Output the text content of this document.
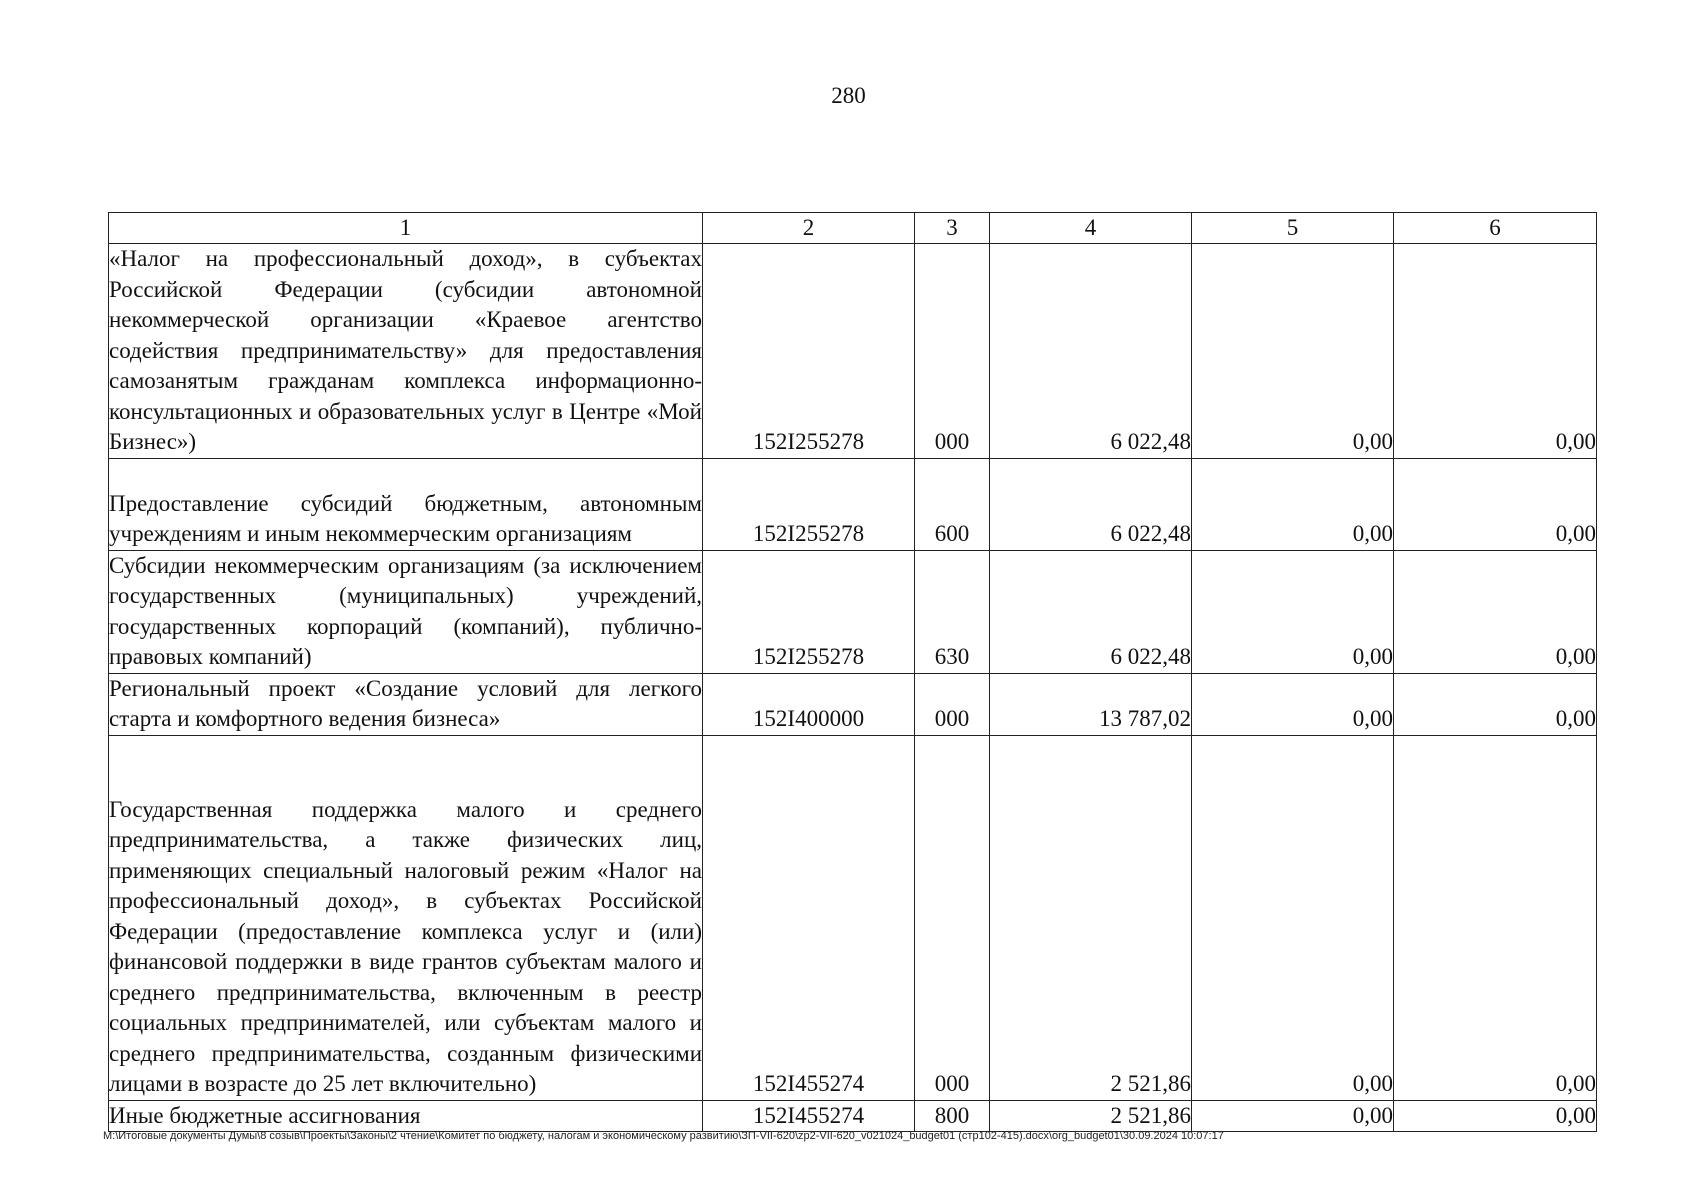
280
1	2	3	4	5	6
«Налог на профессиональный доход», в субъектах Российской Федерации (субсидии автономной некоммерческой организации «Краевое агентство содействия предпринимательству» для предоставления самозанятым гражданам комплекса информационно-консультационных и образовательных услуг в Центре «Мой Бизнес»)	152I255278	000	6 022,48	0,00	0,00
Предоставление субсидий бюджетным, автономным учреждениям и иным некоммерческим организациям	152I255278	600	6 022,48	0,00	0,00
Субсидии некоммерческим организациям (за исключением государственных (муниципальных) учреждений, государственных корпораций (компаний), публично-правовых компаний)	152I255278	630	6 022,48	0,00	0,00
Региональный проект «Создание условий для легкого старта и комфортного ведения бизнеса»	152I400000	000	13 787,02	0,00	0,00
Государственная поддержка малого и среднего предпринимательства, а также физических лиц, применяющих специальный налоговый режим «Налог на профессиональный доход», в субъектах Российской Федерации (предоставление комплекса услуг и (или) финансовой поддержки в виде грантов субъектам малого и среднего предпринимательства, включенным в реестр социальных предпринимателей, или субъектам малого и среднего предпринимательства, созданным физическими лицами в возрасте до 25 лет включительно)	152I455274	000	2 521,86	0,00	0,00
Иные бюджетные ассигнования	152I455274	800	2 521,86	0,00	0,00
M:\Итоговые документы Думы\8 созыв\Проекты\Законы\2 чтение\Комитет по бюджету, налогам и экономическому развитию\ЗП-VII-620\zp2-VII-620_v021024_budget01 (стр102-415).docx\org_budget01\30.09.2024 10:07:17
